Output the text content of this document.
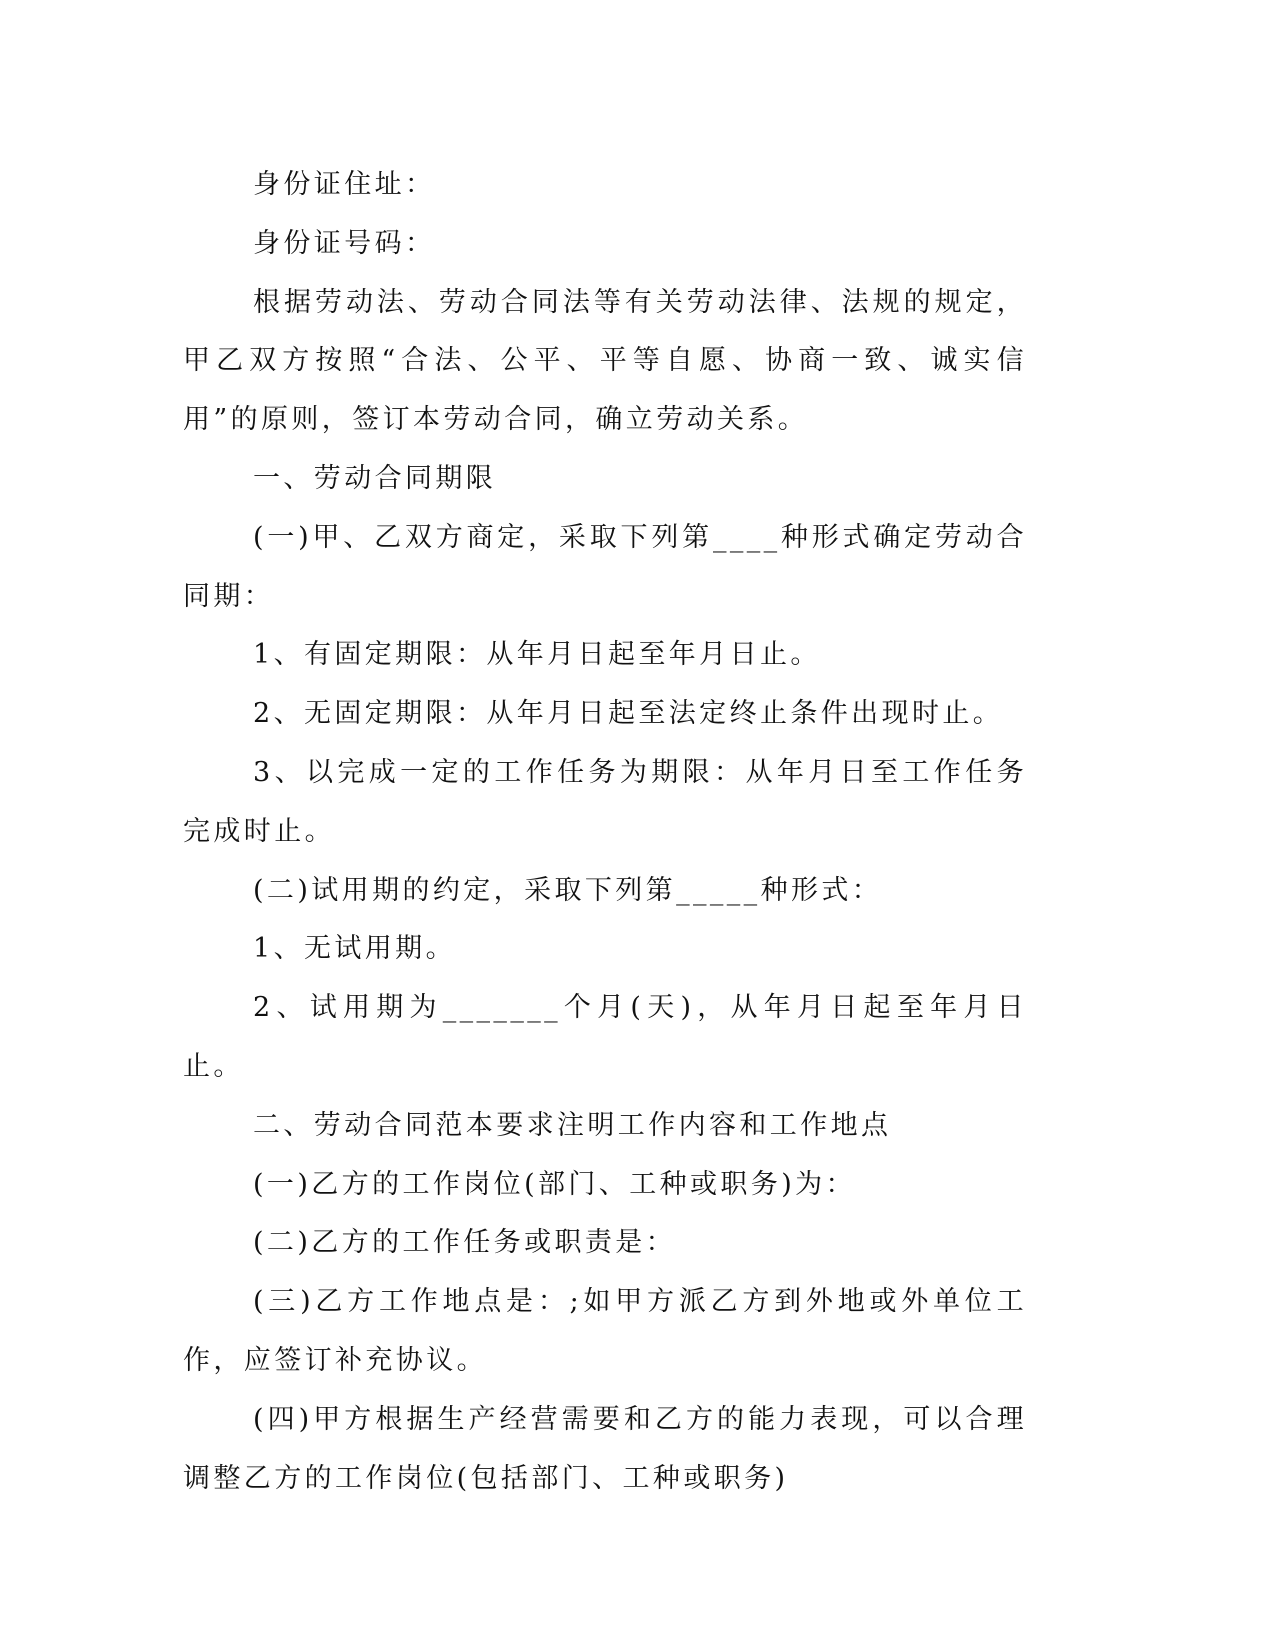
身份证住址：

身份证号码：

根据劳动法、劳动合同法等有关劳动法律、法规的规定，甲乙双方按照“合法、公平、平等自愿、协商一致、诚实信用”的原则，签订本劳动合同，确立劳动关系。

一、劳动合同期限

(一)甲、乙双方商定，采取下列第____种形式确定劳动合同期：

1、有固定期限：从年月日起至年月日止。

2、无固定期限：从年月日起至法定终止条件出现时止。

3、以完成一定的工作任务为期限：从年月日至工作任务完成时止。

(二)试用期的约定，采取下列第_____种形式：

1、无试用期。

2、试用期为_______个月(天)，从年月日起至年月日止。

二、劳动合同范本要求注明工作内容和工作地点

(一)乙方的工作岗位(部门、工种或职务)为：

(二)乙方的工作任务或职责是：

(三)乙方工作地点是：;如甲方派乙方到外地或外单位工作，应签订补充协议。

(四)甲方根据生产经营需要和乙方的能力表现，可以合理调整乙方的工作岗位(包括部门、工种或职务)
